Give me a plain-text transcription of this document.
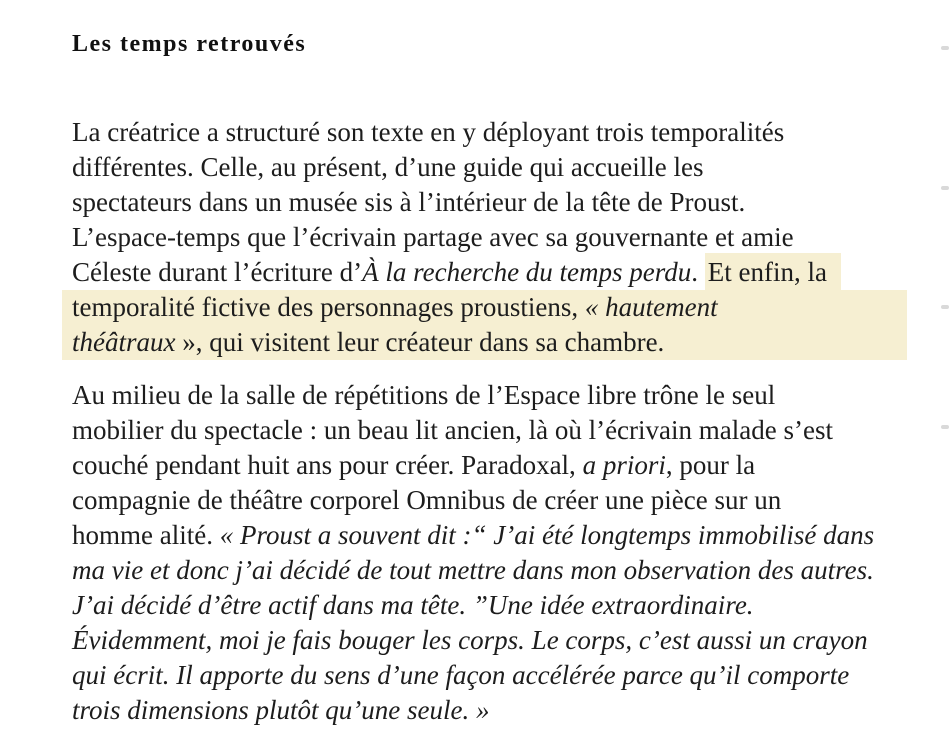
Les temps retrouvés
La créatrice a structuré son texte en y déployant trois temporalités
différentes. Celle, au présent, d’une guide qui accueille les
spectateurs dans un musée sis à l’intérieur de la tête de Proust.
L’espace-temps que l’écrivain partage avec sa gouvernante et amie
Céleste durant l’écriture d’À la recherche du temps perdu. Et enfin, la
temporalité fictive des personnages proustiens, « hautement
théâtraux », qui visitent leur créateur dans sa chambre.
Au milieu de la salle de répétitions de l’Espace libre trône le seul
mobilier du spectacle : un beau lit ancien, là où l’écrivain malade s’est
couché pendant huit ans pour créer. Paradoxal, a priori, pour la
compagnie de théâtre corporel Omnibus de créer une pièce sur un
homme alité. « Proust a souvent dit :“ J’ai été longtemps immobilisé dans
ma vie et donc j’ai décidé de tout mettre dans mon observation des autres.
J’ai décidé d’être actif dans ma tête. ”Une idée extraordinaire.
Évidemment, moi je fais bouger les corps. Le corps, c’est aussi un crayon
qui écrit. Il apporte du sens d’une façon accélérée parce qu’il comporte
trois dimensions plutôt qu’une seule. »
